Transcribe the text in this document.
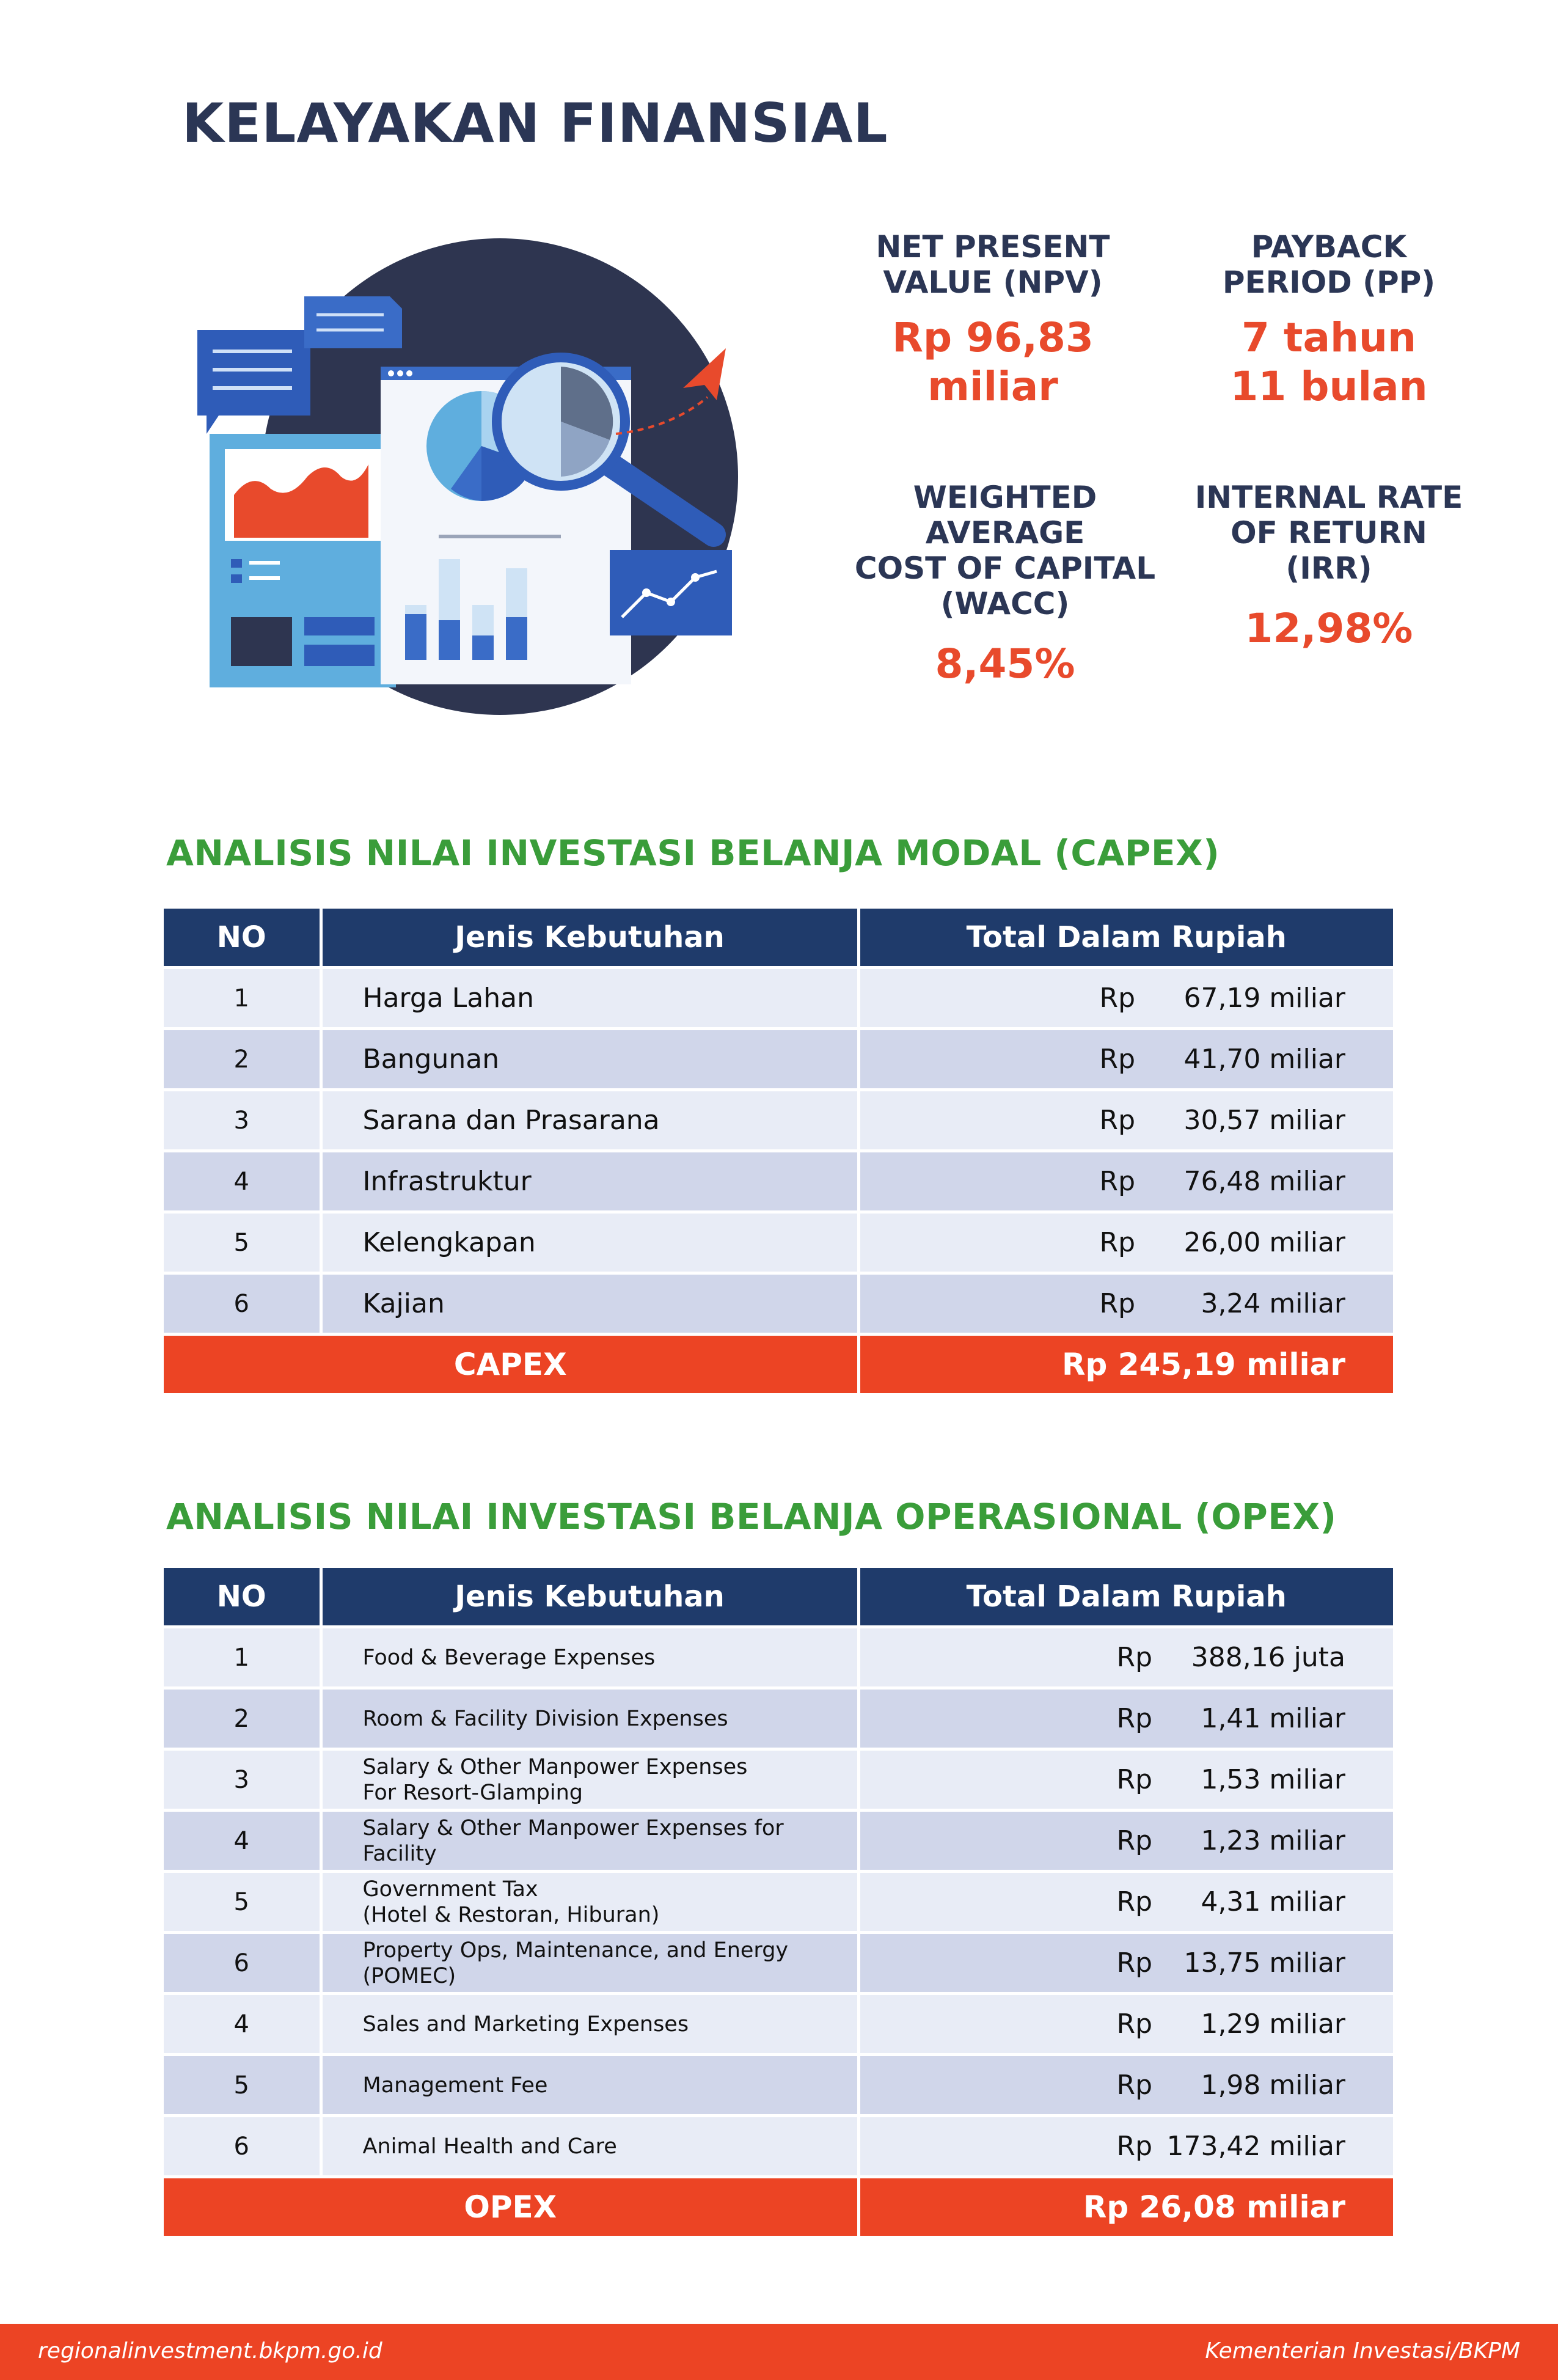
KELAYAKAN FINANSIAL
NET PRESENT
VALUE (NPV)
Rp 96,83
miliar
PAYBACK
PERIOD (PP)
7 tahun
11 bulan
WEIGHTED AVERAGE
COST OF CAPITAL
(WACC)
8,45%
INTERNAL RATE
OF RETURN
(IRR)
12,98%
ANALISIS NILAI INVESTASI BELANJA MODAL (CAPEX)
NO	Jenis Kebutuhan	Total Dalam Rupiah
1	Harga Lahan	Rp 67,19 miliar

2	Bangunan	Rp 41,70 miliar

3	Sarana dan Prasarana	Rp 30,57 miliar

4	Infrastruktur	Rp 76,48 miliar

5	Kelengkapan	Rp 26,00 miliar

6	Kajian	Rp 3,24 miliar

CAPEX		Rp 245,19 miliar
ANALISIS NILAI INVESTASI BELANJA OPERASIONAL (OPEX)
NO	Jenis Kebutuhan	Total Dalam Rupiah
1	Food & Beverage Expenses	Rp 388,16 juta

2	Room & Facility Division Expenses	Rp 1,41 miliar

3	Salary & Other Manpower Expenses
For Resort-Glamping	Rp 1,53 miliar

4	Salary & Other Manpower Expenses for Facility	Rp 1,23 miliar

5	Government Tax
(Hotel & Restoran, Hiburan)	Rp 4,31 miliar

6	Property Ops, Maintenance, and Energy
(POMEC)	Rp 13,75 miliar

4	Sales and Marketing Expenses	Rp 1,29 miliar

5	Management Fee	Rp 1,98 miliar

6	Animal Health and Care	Rp 173,42 miliar

OPEX		Rp 26,08 miliar
regionalinvestment.bkpm.go.id	Kementerian Investasi/BKPM
